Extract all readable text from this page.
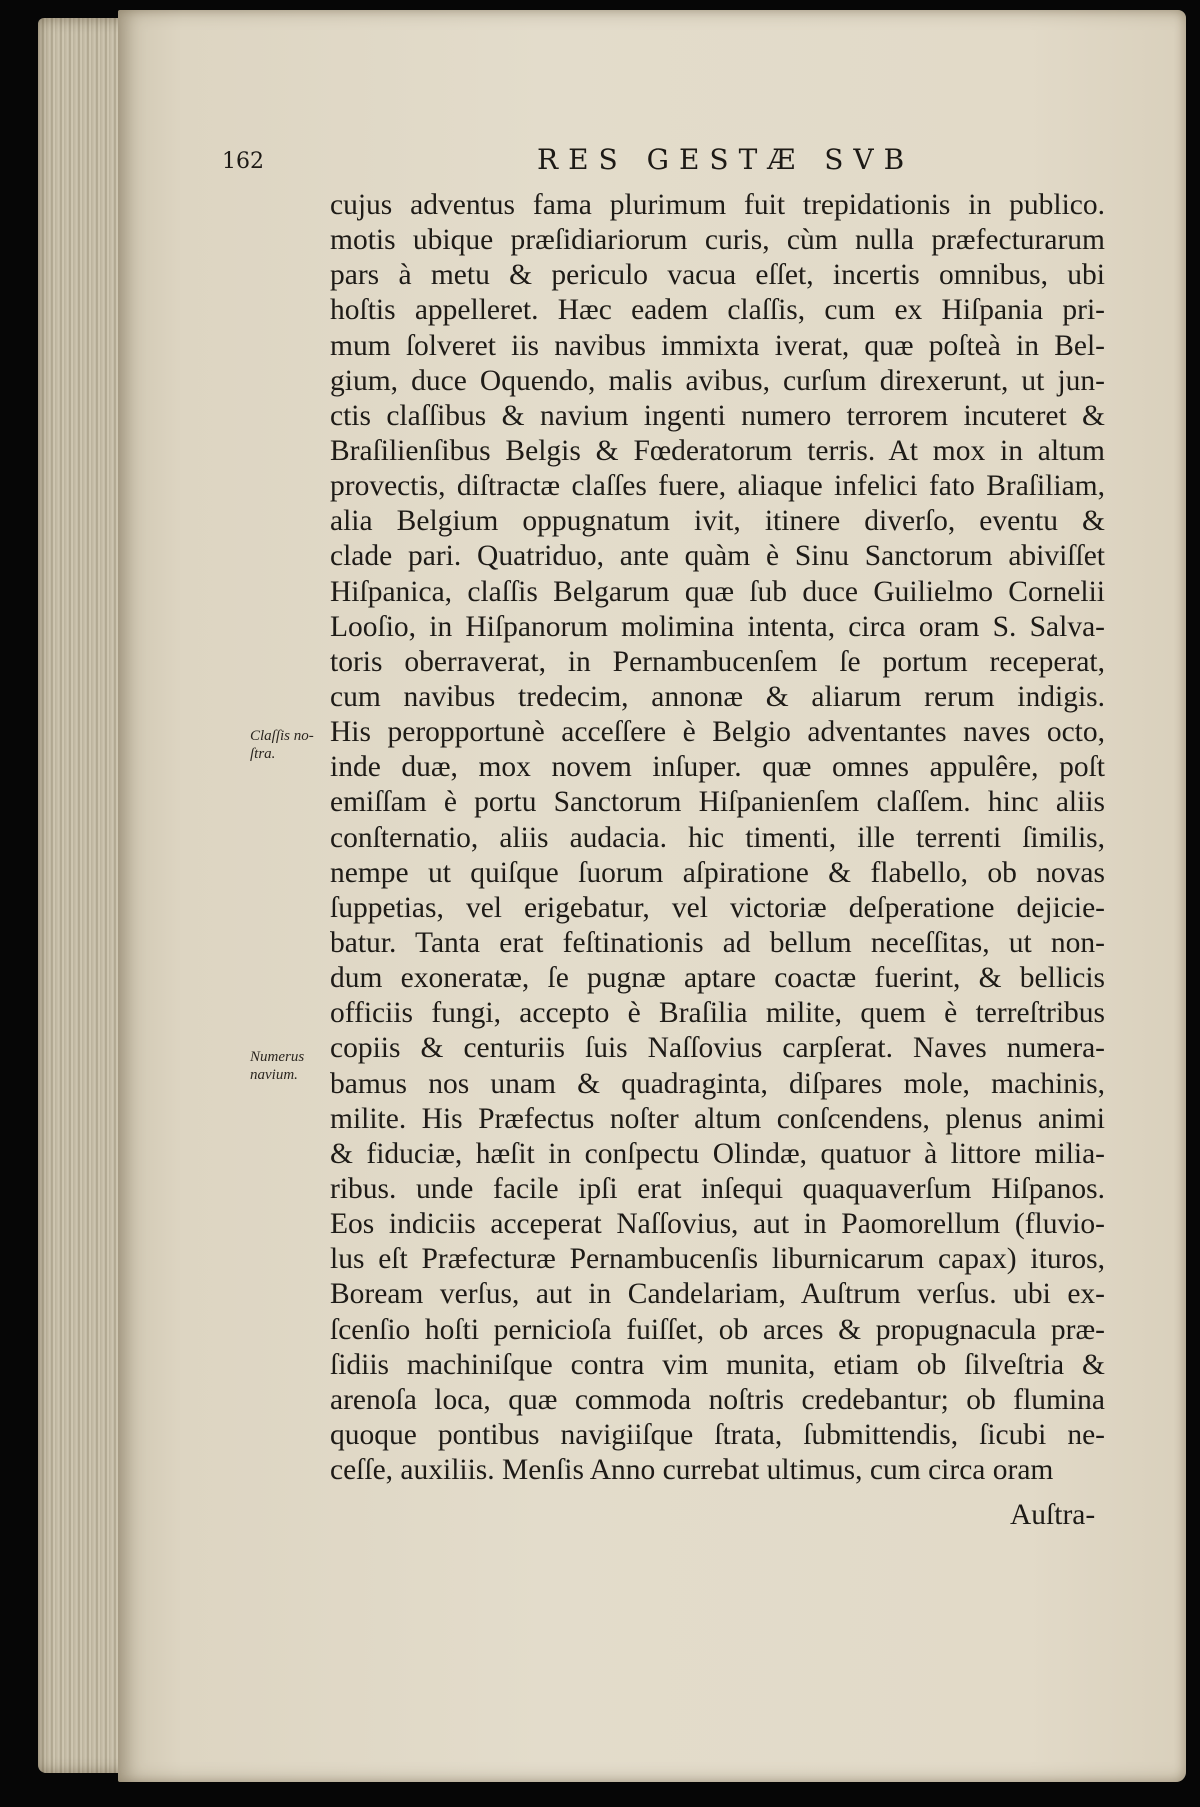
162	RES GESTÆ SVB
Claſſis no-
ſtra.
Numerus
navium.
cujus adventus fama plurimum fuit trepidationis in publico.
motis ubique præſidiariorum curis, cùm nulla præfecturarum
pars à metu & periculo vacua eſſet, incertis omnibus, ubi
hoſtis appelleret. Hæc eadem claſſis, cum ex Hiſpania pri-
mum ſolveret iis navibus immixta iverat, quæ poſteà in Bel-
gium, duce Oquendo, malis avibus, curſum direxerunt, ut jun-
ctis claſſibus & navium ingenti numero terrorem incuteret &
Braſilienſibus Belgis & Fœderatorum terris. At mox in altum
provectis, diſtractæ claſſes fuere, aliaque infelici fato Braſiliam,
alia Belgium oppugnatum ivit, itinere diverſo, eventu &
clade pari. Quatriduo, ante quàm è Sinu Sanctorum abiviſſet
Hiſpanica, claſſis Belgarum quæ ſub duce Guilielmo Cornelii
Looſio, in Hiſpanorum molimina intenta, circa oram S. Salva-
toris oberraverat, in Pernambucenſem ſe portum receperat,
cum navibus tredecim, annonæ & aliarum rerum indigis.
His peropportunè acceſſere è Belgio adventantes naves octo,
inde duæ, mox novem inſuper. quæ omnes appulêre, poſt
emiſſam è portu Sanctorum Hiſpanienſem claſſem. hinc aliis
conſternatio, aliis audacia. hic timenti, ille terrenti ſimilis,
nempe ut quiſque ſuorum aſpiratione & flabello, ob novas
ſuppetias, vel erigebatur, vel victoriæ deſperatione dejicie-
batur. Tanta erat feſtinationis ad bellum neceſſitas, ut non-
dum exoneratæ, ſe pugnæ aptare coactæ fuerint, & bellicis
officiis fungi, accepto è Braſilia milite, quem è terreſtribus
copiis & centuriis ſuis Naſſovius carpſerat. Naves numera-
bamus nos unam & quadraginta, diſpares mole, machinis,
milite. His Præfectus noſter altum conſcendens, plenus animi
& fiduciæ, hæſit in conſpectu Olindæ, quatuor à littore milia-
ribus. unde facile ipſi erat inſequi quaquaverſum Hiſpanos.
Eos indiciis acceperat Naſſovius, aut in Paomorellum (fluvio-
lus eſt Præfecturæ Pernambucenſis liburnicarum capax) ituros,
Boream verſus, aut in Candelariam, Auſtrum verſus. ubi ex-
ſcenſio hoſti pernicioſa fuiſſet, ob arces & propugnacula præ-
ſidiis machiniſque contra vim munita, etiam ob ſilveſtria &
arenoſa loca, quæ commoda noſtris credebantur; ob flumina
quoque pontibus navigiiſque ſtrata, ſubmittendis, ſicubi ne-
ceſſe, auxiliis. Menſis Anno currebat ultimus, cum circa oram
Auſtra-
